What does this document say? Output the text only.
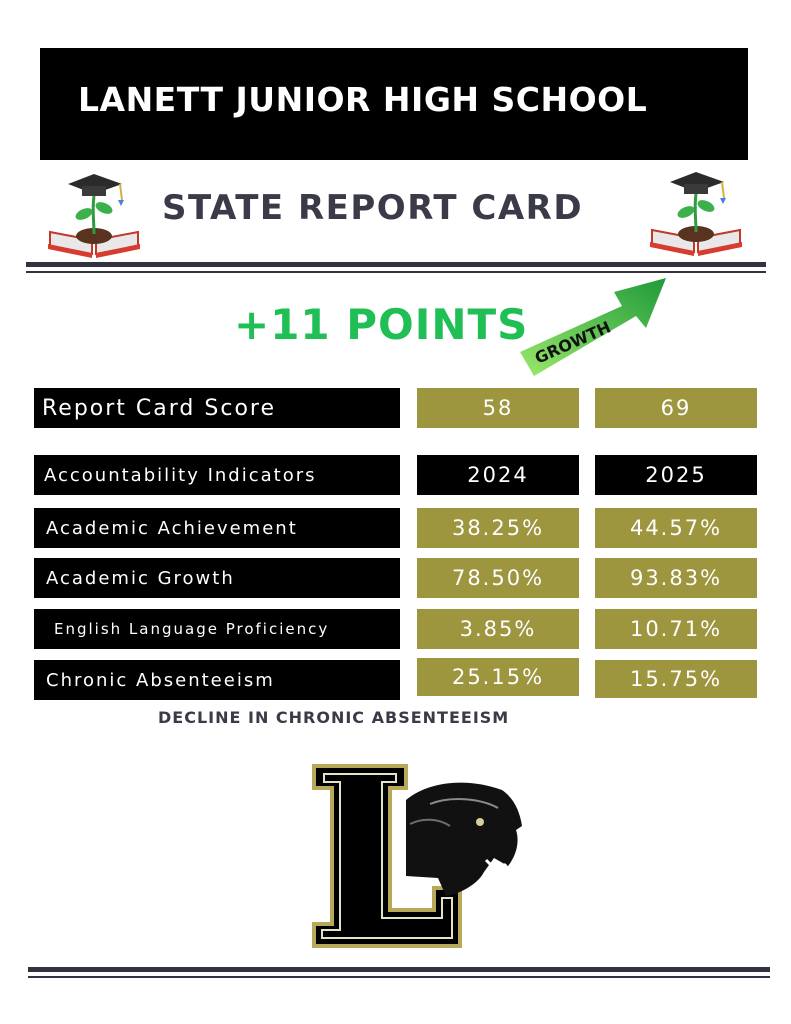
LANETT JUNIOR HIGH SCHOOL
STATE REPORT CARD
+11 POINTS GROWTH
Report Card Score	58	69
Accountability Indicators	2024	2025
Academic Achievement	38.25%	44.57%
Academic Growth	78.50%	93.83%
English Language Proficiency	3.85%	10.71%
Chronic Absenteeism	25.15%	15.75%
DECLINE IN CHRONIC ABSENTEEISM
